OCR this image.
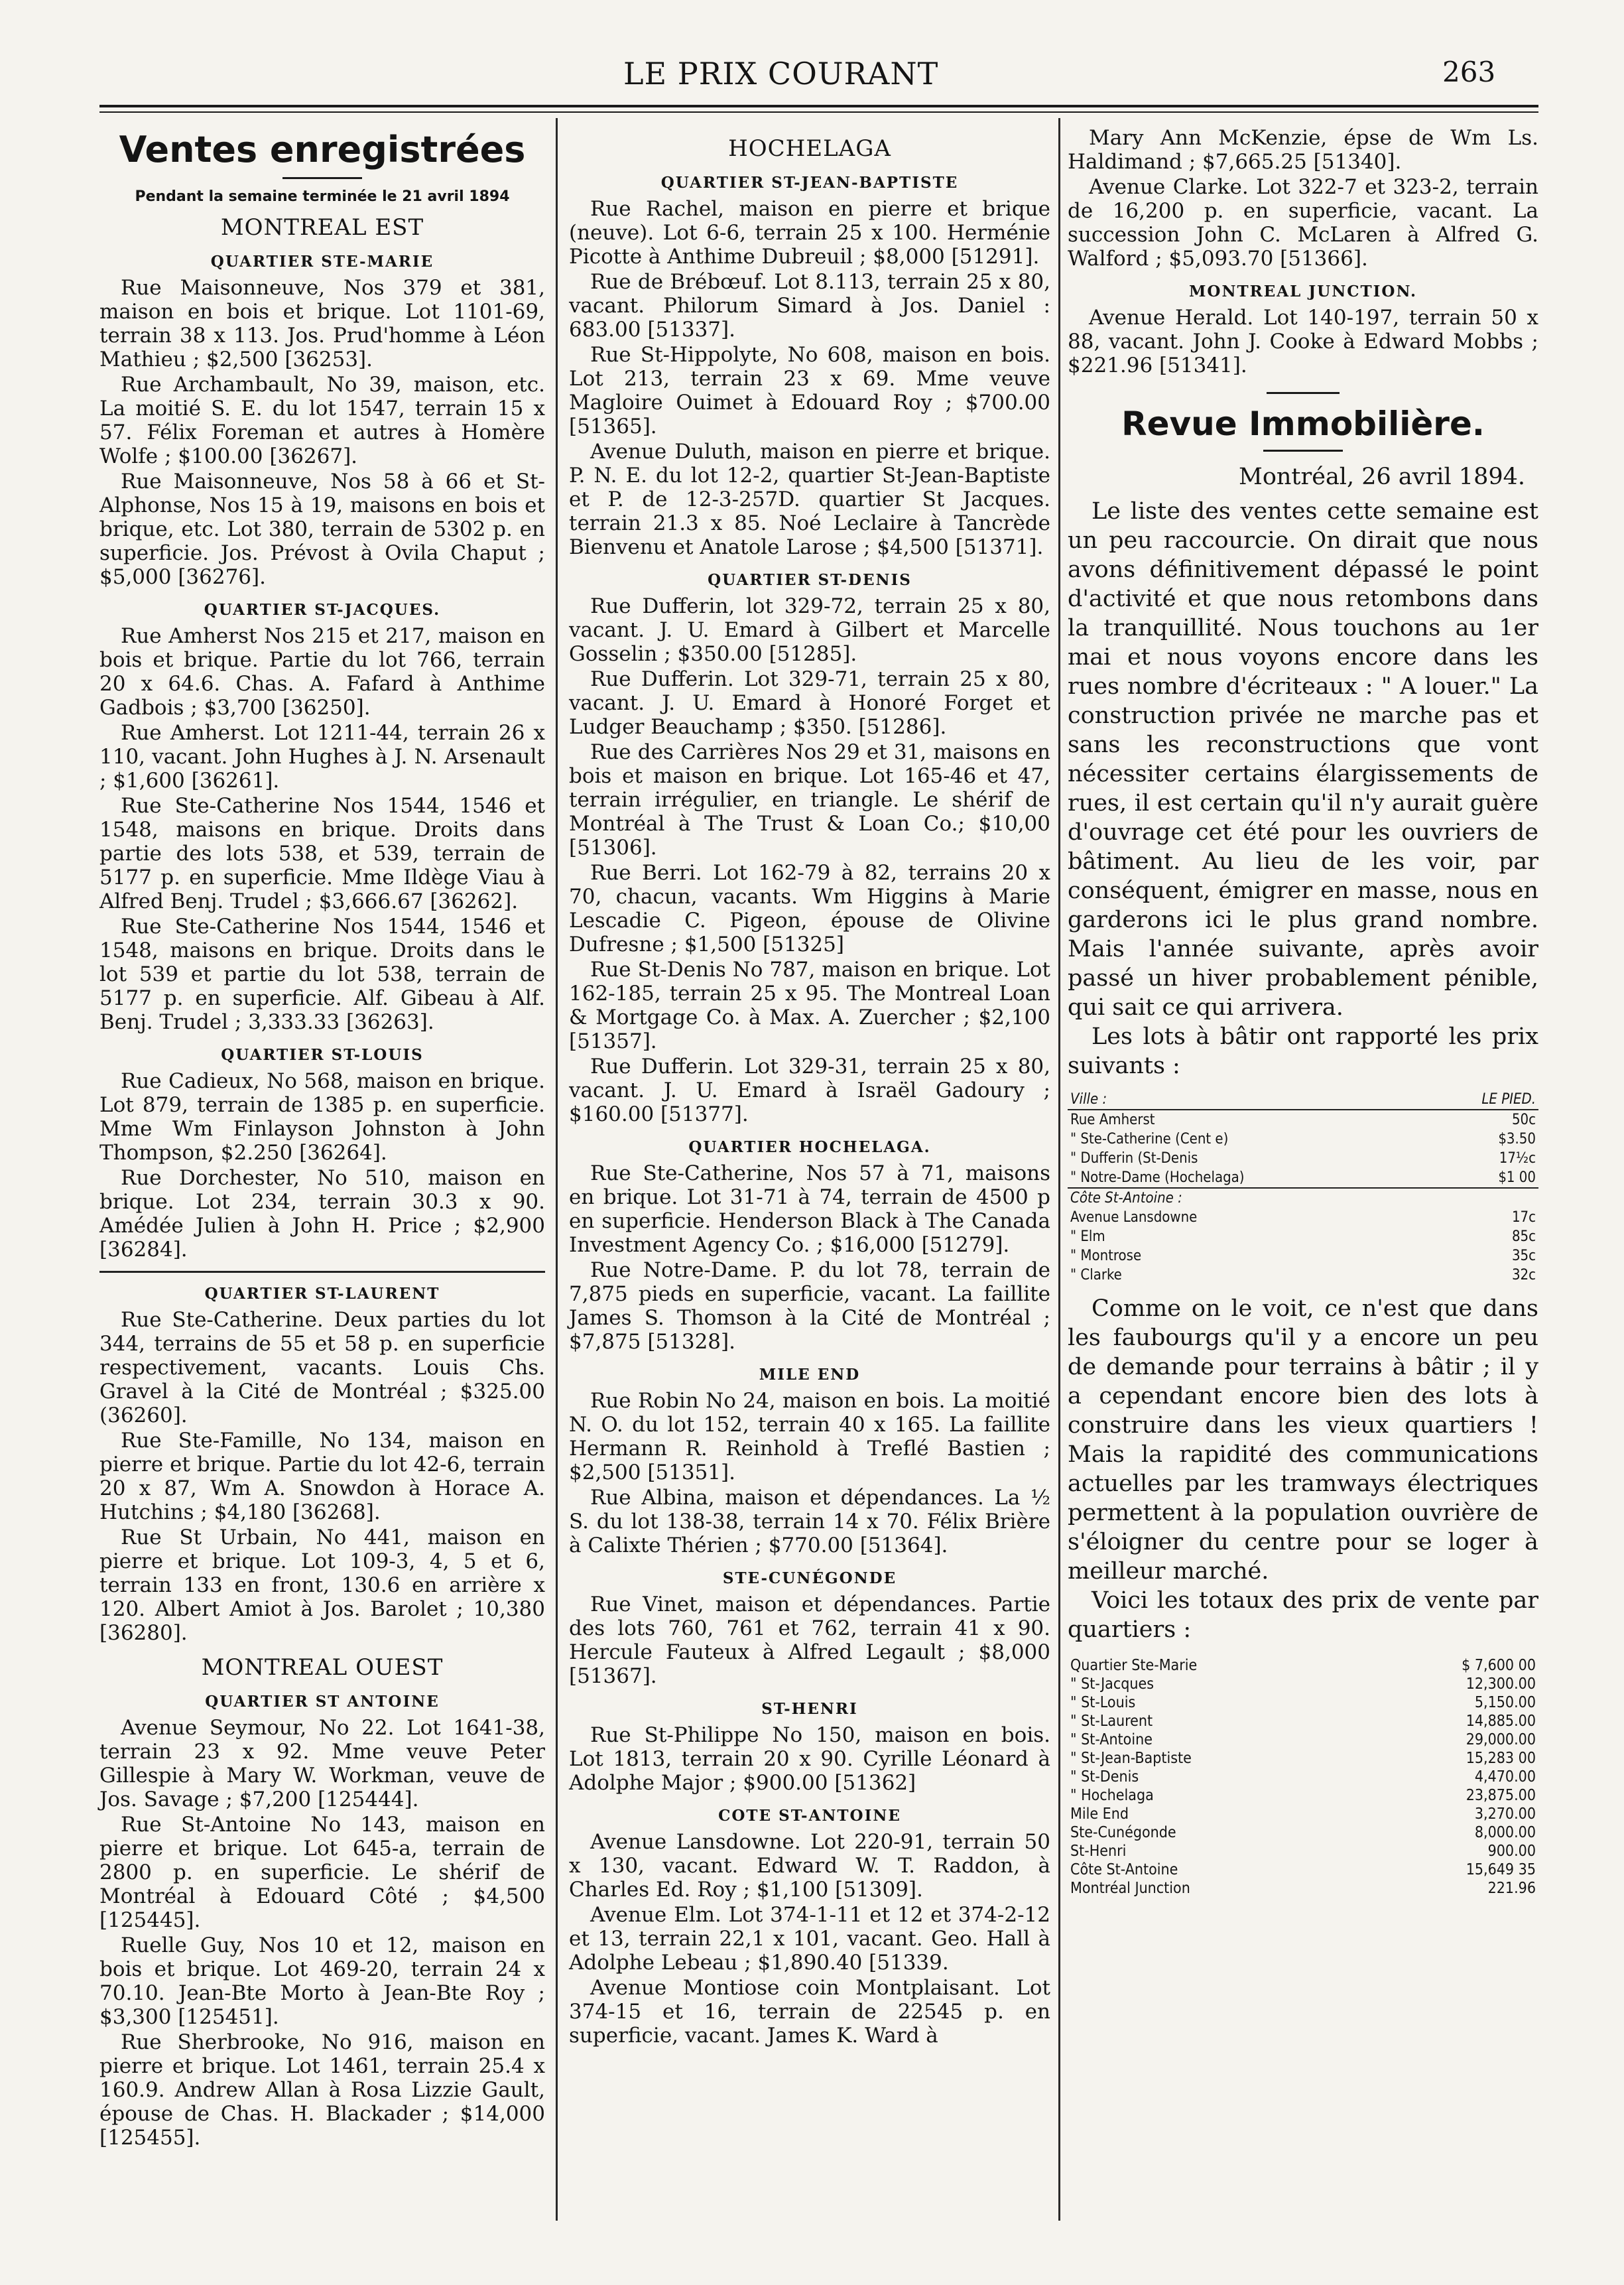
LE PRIX COURANT	263
Ventes enregistrées
Pendant la semaine terminée le 21 avril 1894
MONTREAL EST
QUARTIER STE-MARIE

Rue Maisonneuve, Nos 379 et 381, maison en bois et brique. Lot 1101-69, terrain 38 x 113. Jos. Prud'homme à Léon Mathieu ; $2,500 [36253].

Rue Archambault, No 39, maison, etc. La moitié S. E. du lot 1547, terrain 15 x 57. Félix Foreman et autres à Homère Wolfe ; $100.00 [36267].

Rue Maisonneuve, Nos 58 à 66 et St-Alphonse, Nos 15 à 19, maisons en bois et brique, etc. Lot 380, terrain de 5302 p. en superficie. Jos. Prévost à Ovila Chaput ; $5,000 [36276].

QUARTIER ST-JACQUES.

Rue Amherst Nos 215 et 217, maison en bois et brique. Partie du lot 766, terrain 20 x 64.6. Chas. A. Fafard à Anthime Gadbois ; $3,700 [36250].

Rue Amherst. Lot 1211-44, terrain 26 x 110, vacant. John Hughes à J. N. Arsenault ; $1,600 [36261].

Rue Ste-Catherine Nos 1544, 1546 et 1548, maisons en brique. Droits dans partie des lots 538, et 539, terrain de 5177 p. en superficie. Mme Ildège Viau à Alfred Benj. Trudel ; $3,666.67 [36262].

Rue Ste-Catherine Nos 1544, 1546 et 1548, maisons en brique. Droits dans le lot 539 et partie du lot 538, terrain de 5177 p. en superficie. Alf. Gibeau à Alf. Benj. Trudel ; 3,333.33 [36263].

QUARTIER ST-LOUIS

Rue Cadieux, No 568, maison en brique. Lot 879, terrain de 1385 p. en superficie. Mme Wm Finlayson Johnston à John Thompson, $2.250 [36264].

Rue Dorchester, No 510, maison en brique. Lot 234, terrain 30.3 x 90. Amédée Julien à John H. Price ; $2,900 [36284].

QUARTIER ST-LAURENT

Rue Ste-Catherine. Deux parties du lot 344, terrains de 55 et 58 p. en superficie respectivement, vacants. Louis Chs. Gravel à la Cité de Montréal ; $325.00 (36260].

Rue Ste-Famille, No 134, maison en pierre et brique. Partie du lot 42-6, terrain 20 x 87, Wm A. Snowdon à Horace A. Hutchins ; $4,180 [36268].

Rue St Urbain, No 441, maison en pierre et brique. Lot 109-3, 4, 5 et 6, terrain 133 en front, 130.6 en arrière x 120. Albert Amiot à Jos. Barolet ; 10,380 [36280].

MONTREAL OUEST
QUARTIER ST ANTOINE

Avenue Seymour, No 22. Lot 1641-38, terrain 23 x 92. Mme veuve Peter Gillespie à Mary W. Workman, veuve de Jos. Savage ; $7,200 [125444].

Rue St-Antoine No 143, maison en pierre et brique. Lot 645-a, terrain de 2800 p. en superficie. Le shérif de Montréal à Edouard Côté ; $4,500 [125445].

Ruelle Guy, Nos 10 et 12, maison en bois et brique. Lot 469-20, terrain 24 x 70.10. Jean-Bte Morto à Jean-Bte Roy ; $3,300 [125451].

Rue Sherbrooke, No 916, maison en pierre et brique. Lot 1461, terrain 25.4 x 160.9. Andrew Allan à Rosa Lizzie Gault, épouse de Chas. H. Blackader ; $14,000 [125455].

HOCHELAGA
QUARTIER ST-JEAN-BAPTISTE

Rue Rachel, maison en pierre et brique (neuve). Lot 6-6, terrain 25 x 100. Herménie Picotte à Anthime Dubreuil ; $8,000 [51291].

Rue de Brébœuf. Lot 8.113, terrain 25 x 80, vacant. Philorum Simard à Jos. Daniel : 683.00 [51337].

Rue St-Hippolyte, No 608, maison en bois. Lot 213, terrain 23 x 69. Mme veuve Magloire Ouimet à Edouard Roy ; $700.00 [51365].

Avenue Duluth, maison en pierre et brique. P. N. E. du lot 12-2, quartier St-Jean-Baptiste et P. de 12-3-257D. quartier St Jacques. terrain 21.3 x 85. Noé Leclaire à Tancrède Bienvenu et Anatole Larose ; $4,500 [51371].

QUARTIER ST-DENIS

Rue Dufferin, lot 329-72, terrain 25 x 80, vacant. J. U. Emard à Gilbert et Marcelle Gosselin ; $350.00 [51285].

Rue Dufferin. Lot 329-71, terrain 25 x 80, vacant. J. U. Emard à Honoré Forget et Ludger Beauchamp ; $350. [51286].

Rue des Carrières Nos 29 et 31, maisons en bois et maison en brique. Lot 165-46 et 47, terrain irrégulier, en triangle. Le shérif de Montréal à The Trust & Loan Co.; $10,00 [51306].

Rue Berri. Lot 162-79 à 82, terrains 20 x 70, chacun, vacants. Wm Higgins à Marie Lescadie C. Pigeon, épouse de Olivine Dufresne ; $1,500 [51325]

Rue St-Denis No 787, maison en brique. Lot 162-185, terrain 25 x 95. The Montreal Loan & Mortgage Co. à Max. A. Zuercher ; $2,100 [51357].

Rue Dufferin. Lot 329-31, terrain 25 x 80, vacant. J. U. Emard à Israël Gadoury ; $160.00 [51377].

QUARTIER HOCHELAGA.

Rue Ste-Catherine, Nos 57 à 71, maisons en brique. Lot 31-71 à 74, terrain de 4500 p en superficie. Henderson Black à The Canada Investment Agency Co. ; $16,000 [51279].

Rue Notre-Dame. P. du lot 78, terrain de 7,875 pieds en superficie, vacant. La faillite James S. Thomson à la Cité de Montréal ; $7,875 [51328].

MILE END

Rue Robin No 24, maison en bois. La moitié N. O. du lot 152, terrain 40 x 165. La faillite Hermann R. Reinhold à Treflé Bastien ; $2,500 [51351].

Rue Albina, maison et dépendances. La ½ S. du lot 138-38, terrain 14 x 70. Félix Brière à Calixte Thérien ; $770.00 [51364].

STE-CUNÉGONDE

Rue Vinet, maison et dépendances. Partie des lots 760, 761 et 762, terrain 41 x 90. Hercule Fauteux à Alfred Legault ; $8,000 [51367].

ST-HENRI

Rue St-Philippe No 150, maison en bois. Lot 1813, terrain 20 x 90. Cyrille Léonard à Adolphe Major ; $900.00 [51362]

COTE ST-ANTOINE

Avenue Lansdowne. Lot 220-91, terrain 50 x 130, vacant. Edward W. T. Raddon, à Charles Ed. Roy ; $1,100 [51309].

Avenue Elm. Lot 374-1-11 et 12 et 374-2-12 et 13, terrain 22,1 x 101, vacant. Geo. Hall à Adolphe Lebeau ; $1,890.40 [51339.

Avenue Montiose coin Montplaisant. Lot 374-15 et 16, terrain de 22545 p. en superficie, vacant. James K. Ward à

Mary Ann McKenzie, épse de Wm Ls. Haldimand ; $7,665.25 [51340].

Avenue Clarke. Lot 322-7 et 323-2, terrain de 16,200 p. en superficie, vacant. La succession John C. McLaren à Alfred G. Walford ; $5,093.70 [51366].

MONTREAL JUNCTION.

Avenue Herald. Lot 140-197, terrain 50 x 88, vacant. John J. Cooke à Edward Mobbs ; $221.96 [51341].

Revue Immobilière.
Montréal, 26 avril 1894.

Le liste des ventes cette semaine est un peu raccourcie. On dirait que nous avons définitivement dépassé le point d'activité et que nous retombons dans la tranquillité. Nous touchons au 1er mai et nous voyons encore dans les rues nombre d'écriteaux : " A louer." La construction privée ne marche pas et sans les reconstructions que vont nécessiter certains élargissements de rues, il est certain qu'il n'y aurait guère d'ouvrage cet été pour les ouvriers de bâtiment. Au lieu de les voir, par conséquent, émigrer en masse, nous en garderons ici le plus grand nombre. Mais l'année suivante, après avoir passé un hiver probablement pénible, qui sait ce qui arrivera.

Les lots à bâtir ont rapporté les prix suivants :

Ville :	LE PIED.
Rue Amherst	50c
" Ste-Catherine (Cent e)	$3.50
" Dufferin (St-Denis	17½c
" Notre-Dame (Hochelaga)	$1 00
Côte St-Antoine :	
Avenue Lansdowne	17c
" Elm	85c
" Montrose	35c
" Clarke	32c

Comme on le voit, ce n'est que dans les faubourgs qu'il y a encore un peu de demande pour terrains à bâtir ; il y a cependant encore bien des lots à construire dans les vieux quartiers ! Mais la rapidité des communications actuelles par les tramways électriques permettent à la population ouvrière de s'éloigner du centre pour se loger à meilleur marché.

Voici les totaux des prix de vente par quartiers :

Quartier Ste-Marie	$ 7,600 00
" St-Jacques	12,300.00
" St-Louis	5,150.00
" St-Laurent	14,885.00
" St-Antoine	29,000.00
" St-Jean-Baptiste	15,283 00
" St-Denis	4,470.00
" Hochelaga	23,875.00
Mile End	3,270.00
Ste-Cunégonde	8,000.00
St-Henri	900.00
Côte St-Antoine	15,649 35
Montréal Junction	221.96
